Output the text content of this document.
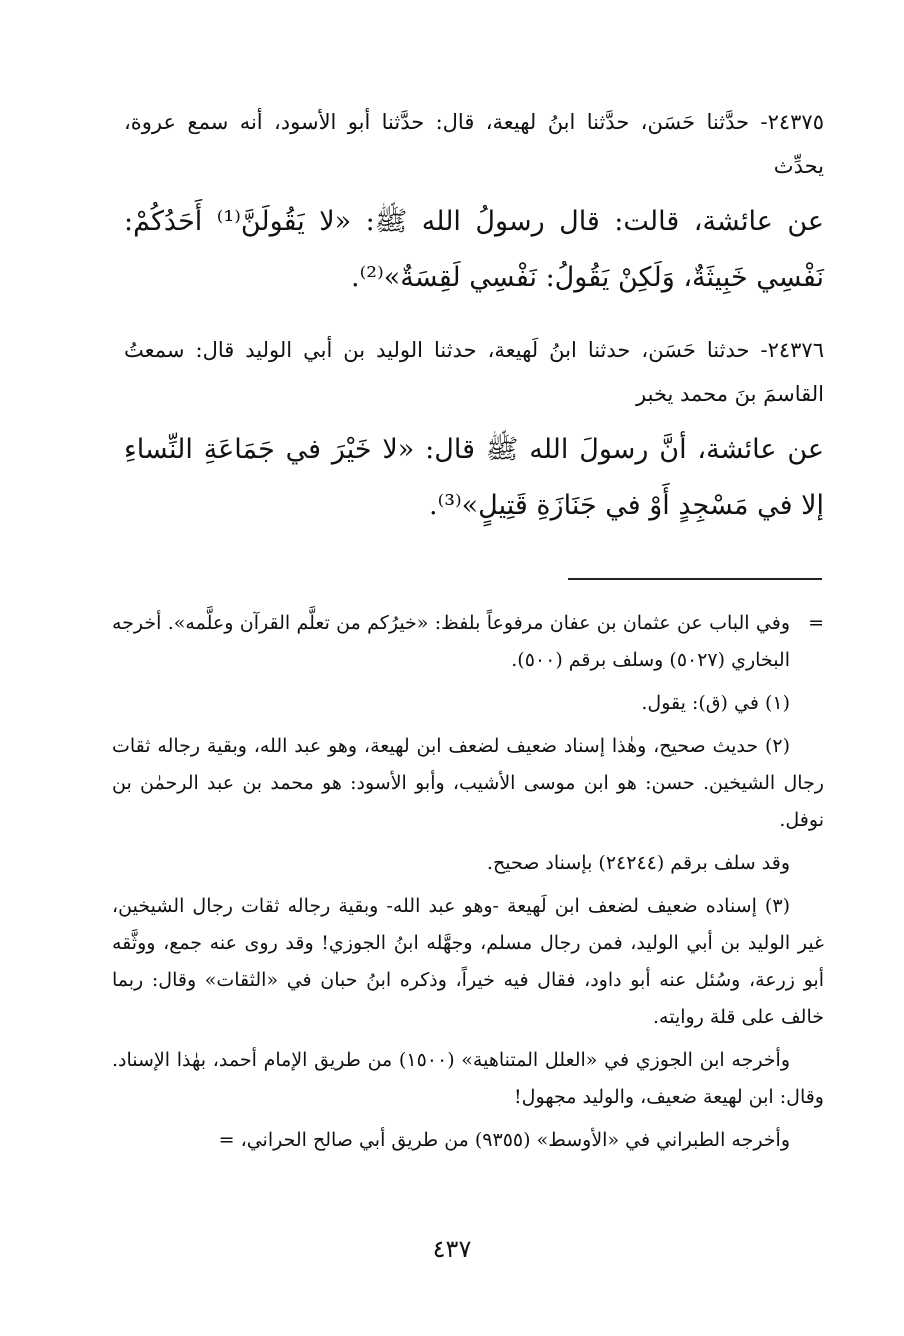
٢٤٣٧٥- حدَّثنا حَسَن، حدَّثنا ابنُ لهيعة، قال: حدَّثنا أبو الأسود، أنه سمع عروة، يحدِّث

عن عائشة، قالت: قال رسولُ الله ﷺ: «لا يَقُولَنَّ⁽¹⁾ أَحَدُكُمْ: نَفْسِي خَبِيثَةٌ، وَلَكِنْ يَقُولُ: نَفْسِي لَقِسَةٌ»⁽²⁾.

٢٤٣٧٦- حدثنا حَسَن، حدثنا ابنُ لَهيعة، حدثنا الوليد بن أبي الوليد قال: سمعتُ القاسمَ بنَ محمد يخبر

عن عائشة، أنَّ رسولَ الله ﷺ قال: «لا خَيْرَ في جَمَاعَةِ النِّساءِ إلا في مَسْجِدٍ أَوْ في جَنَازَةِ قَتِيلٍ»⁽³⁾.

=
وفي الباب عن عثمان بن عفان مرفوعاً بلفظ: «خيرُكم من تعلَّم القرآن وعلَّمه». أخرجه البخاري (٥٠٢٧) وسلف برقم (٥٠٠).

(١) في (ق): يقول.

(٢) حديث صحيح، وهٰذا إسناد ضعيف لضعف ابن لهيعة، وهو عبد الله، وبقية رجاله ثقات رجال الشيخين. حسن: هو ابن موسى الأشيب، وأبو الأسود: هو محمد بن عبد الرحمٰن بن نوفل.

وقد سلف برقم (٢٤٢٤٤) بإسناد صحيح.

(٣) إسناده ضعيف لضعف ابن لَهيعة -وهو عبد الله- وبقية رجاله ثقات رجال الشيخين، غير الوليد بن أبي الوليد، فمن رجال مسلم، وجهَّله ابنُ الجوزي! وقد روى عنه جمع، ووثَّقه أبو زرعة، وسُئل عنه أبو داود، فقال فيه خيراً، وذكره ابنُ حبان في «الثقات» وقال: ربما خالف على قلة روايته.

وأخرجه ابن الجوزي في «العلل المتناهية» (١٥٠٠) من طريق الإمام أحمد، بهٰذا الإسناد. وقال: ابن لهيعة ضعيف، والوليد مجهول!

وأخرجه الطبراني في «الأوسط» (٩٣٥٥) من طريق أبي صالح الحراني، =

٤٣٧
